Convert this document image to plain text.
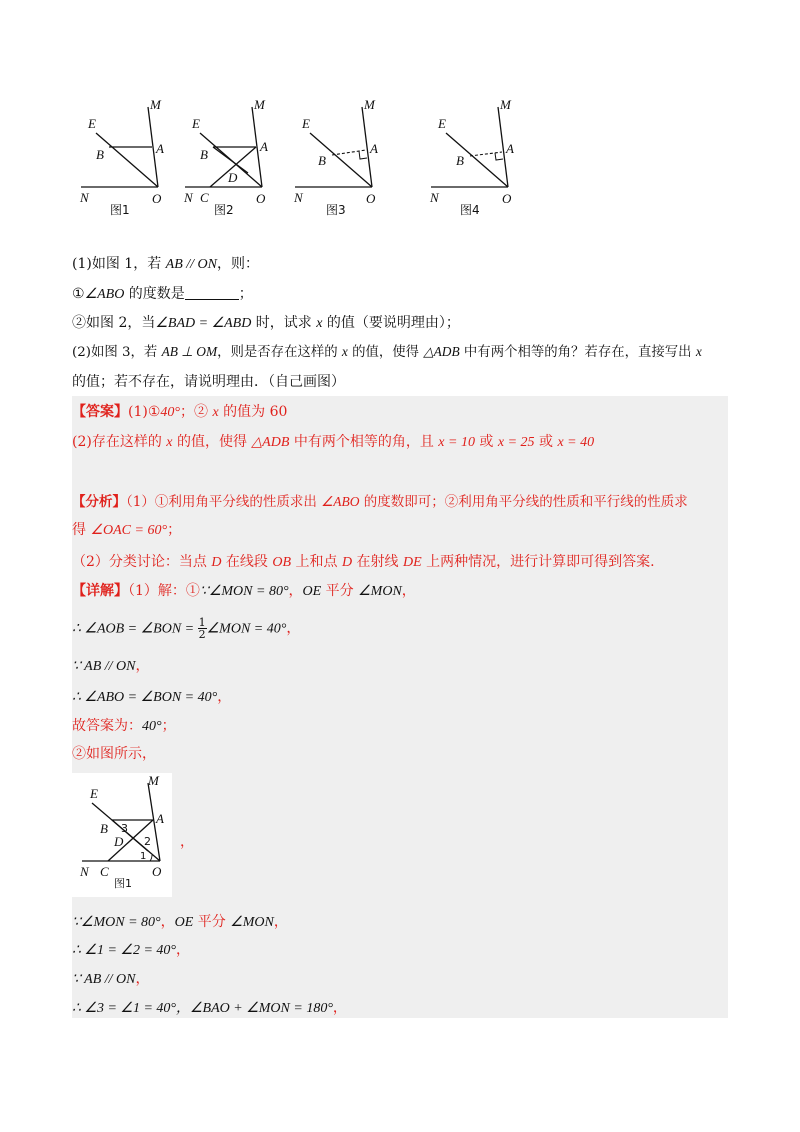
E
M
B	A
N	O
图1
E
M
B
A
D
N C	O
图2
E
M
B
A
N	O
图3
E
M
B
A
N	O
图4
(1)如图 1，若 AB // ON，则：
①∠ABO 的度数是	；
②如图 2，当∠BAD = ∠ABD 时，试求 x 的值（要说明理由）；
(2)如图 3，若 AB ⊥ OM，则是否存在这样的 x 的值，使得 △ADB 中有两个相等的角？若存在，直接写出 x
的值；若不存在，请说明理由．（自己画图）
【答案】(1)①40°；② x 的值为 60
(2)存在这样的 x 的值，使得 △ADB 中有两个相等的角，且 x = 10 或 x = 25 或 x = 40
【分析】（1）①利用角平分线的性质求出 ∠ABO 的度数即可；②利用角平分线的性质和平行线的性质求
得 ∠OAC = 60°；
（2）分类讨论：当点 D 在线段 OB 上和点 D 在射线 DE 上两种情况，进行计算即可得到答案.
【详解】（1）解：①∵∠MON = 80°，OE 平分 ∠MON，
∴ ∠AOB = ∠BON = $\frac{1}{2}$ ∠MON = 40°，
∵ AB // ON，
∴ ∠ABO = ∠BON = 40°，
故答案为：40°；
②如图所示，
E
M
B
A
D
N C	O
图1
3
2
1
，
∵∠MON = 80°，OE 平分 ∠MON，
∴ ∠1 = ∠2 = 40°，
∵ AB // ON，
∴ ∠3 = ∠1 = 40°，∠BAO + ∠MON = 180°，
